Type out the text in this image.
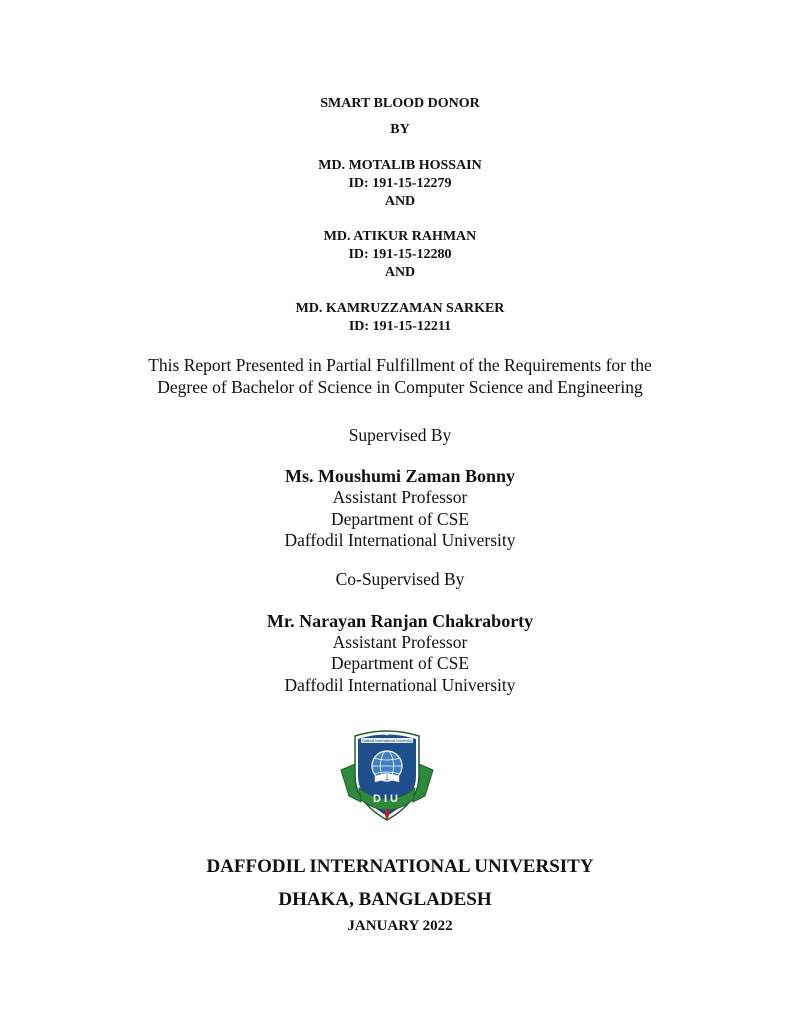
SMART BLOOD DONOR
BY
MD. MOTALIB HOSSAIN
ID: 191-15-12279
AND
MD. ATIKUR RAHMAN
ID: 191-15-12280
AND
MD. KAMRUZZAMAN SARKER
ID: 191-15-12211
This Report Presented in Partial Fulfillment of the Requirements for the
Degree of Bachelor of Science in Computer Science and Engineering
Supervised By
Ms. Moushumi Zaman Bonny
Assistant Professor
Department of CSE
Daffodil International University
Co-Supervised By
Mr. Narayan Ranjan Chakraborty
Assistant Professor
Department of CSE
Daffodil International University
Daffodil International University
DIU
DAFFODIL INTERNATIONAL UNIVERSITY
DHAKA, BANGLADESH
JANUARY 2022
